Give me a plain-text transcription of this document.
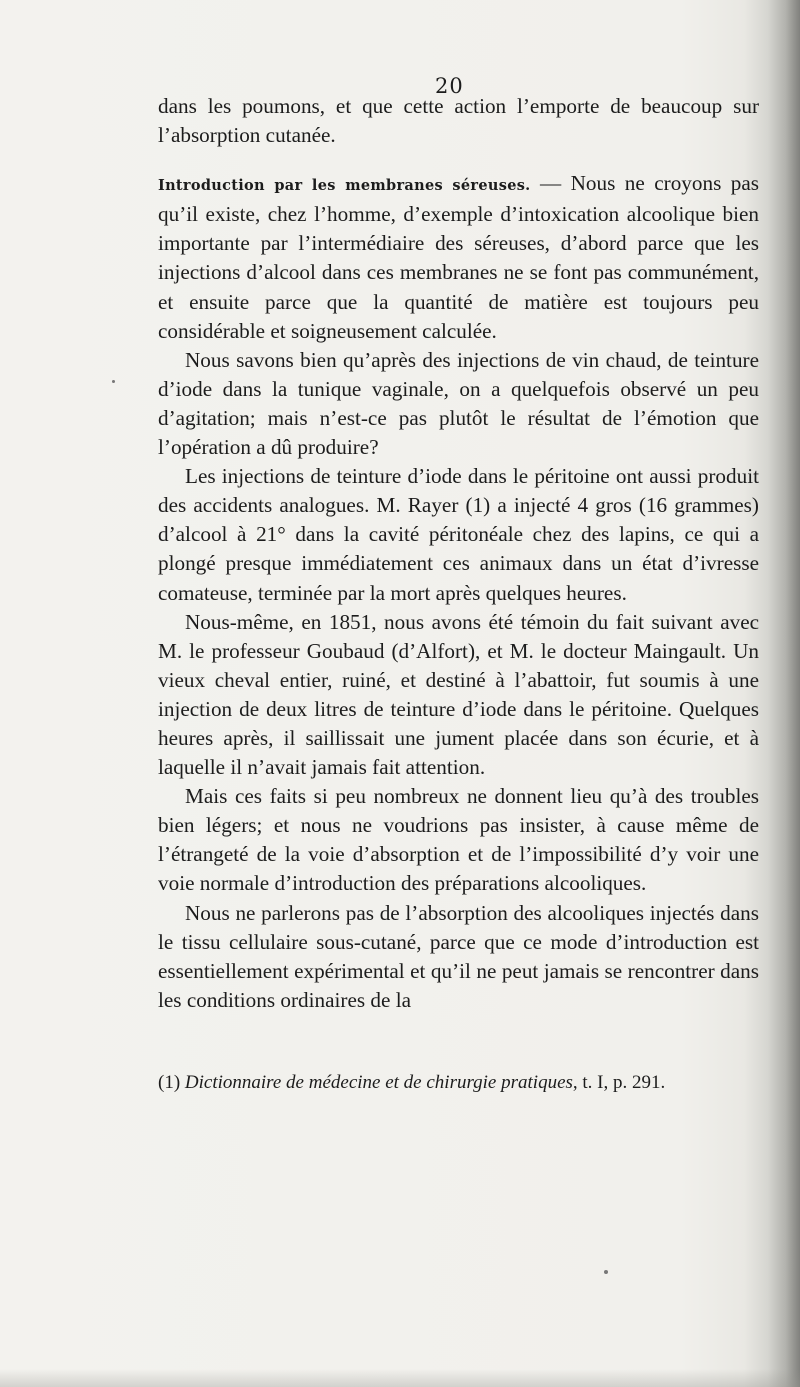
20

dans les poumons, et que cette action l’emporte de beaucoup sur l’absorption cutanée.

Introduction par les membranes séreuses. — Nous ne croyons pas qu’il existe, chez l’homme, d’exemple d’intoxication alcoolique bien importante par l’intermédiaire des séreuses, d’abord parce que les injections d’alcool dans ces membranes ne se font pas communément, et ensuite parce que la quantité de matière est toujours peu considérable et soigneusement calculée.

Nous savons bien qu’après des injections de vin chaud, de teinture d’iode dans la tunique vaginale, on a quelquefois observé un peu d’agitation; mais n’est-ce pas plutôt le résultat de l’émotion que l’opération a dû produire?

Les injections de teinture d’iode dans le péritoine ont aussi produit des accidents analogues. M. Rayer (1) a injecté 4 gros (16 grammes) d’alcool à 21° dans la cavité péritonéale chez des lapins, ce qui a plongé presque immédiatement ces animaux dans un état d’ivresse comateuse, terminée par la mort après quelques heures.

Nous-même, en 1851, nous avons été témoin du fait suivant avec M. le professeur Goubaud (d’Alfort), et M. le docteur Maingault. Un vieux cheval entier, ruiné, et destiné à l’abattoir, fut soumis à une injection de deux litres de teinture d’iode dans le péritoine. Quelques heures après, il saillissait une jument placée dans son écurie, et à laquelle il n’avait jamais fait attention.

Mais ces faits si peu nombreux ne donnent lieu qu’à des troubles bien légers; et nous ne voudrions pas insister, à cause même de l’étrangeté de la voie d’absorption et de l’impossibilité d’y voir une voie normale d’introduction des préparations alcooliques.

Nous ne parlerons pas de l’absorption des alcooliques injectés dans le tissu cellulaire sous-cutané, parce que ce mode d’introduction est essentiellement expérimental et qu’il ne peut jamais se rencontrer dans les conditions ordinaires de la

(1) Dictionnaire de médecine et de chirurgie pratiques, t. I, p. 291.
